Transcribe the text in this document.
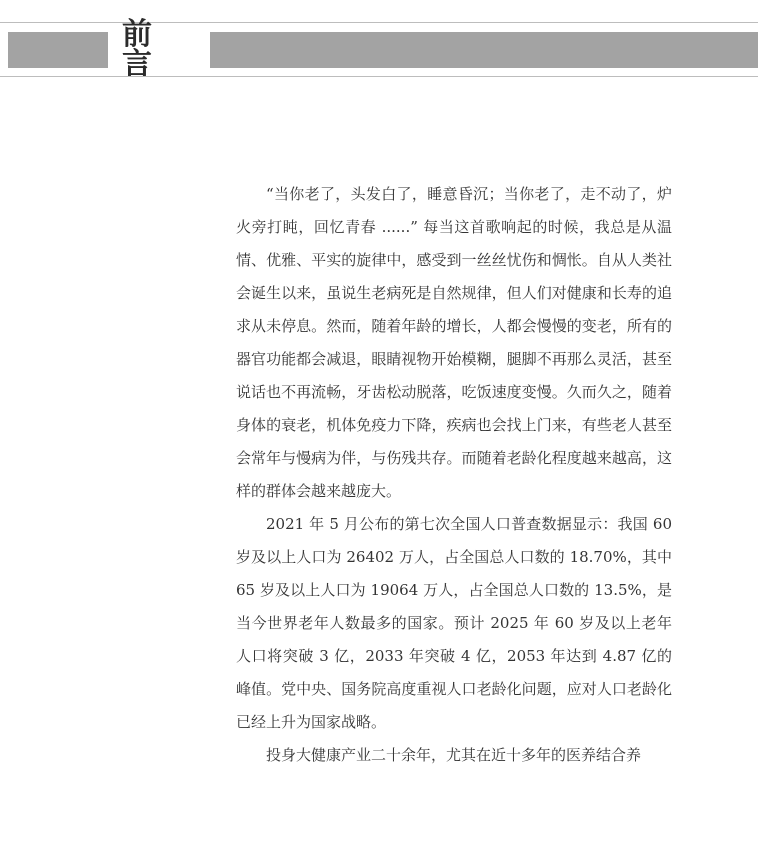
前 言

“当你老了，头发白了，睡意昏沉；当你老了，走不动了，炉火旁打盹，回忆青春 ......” 每当这首歌响起的时候，我总是从温情、优雅、平实的旋律中，感受到一丝丝忧伤和惆怅。自从人类社会诞生以来，虽说生老病死是自然规律，但人们对健康和长寿的追求从未停息。然而，随着年龄的增长，人都会慢慢的变老，所有的器官功能都会减退，眼睛视物开始模糊，腿脚不再那么灵活，甚至说话也不再流畅，牙齿松动脱落，吃饭速度变慢。久而久之，随着身体的衰老，机体免疫力下降，疾病也会找上门来，有些老人甚至会常年与慢病为伴，与伤残共存。而随着老龄化程度越来越高，这样的群体会越来越庞大。

2021 年 5 月公布的第七次全国人口普查数据显示：我国 60 岁及以上人口为 26402 万人，占全国总人口数的 18.70%，其中 65 岁及以上人口为 19064 万人，占全国总人口数的 13.5%，是当今世界老年人数最多的国家。预计 2025 年 60 岁及以上老年人口将突破 3 亿，2033 年突破 4 亿，2053 年达到 4.87 亿的峰值。党中央、国务院高度重视人口老龄化问题，应对人口老龄化已经上升为国家战略。

投身大健康产业二十余年，尤其在近十多年的医养结合养
